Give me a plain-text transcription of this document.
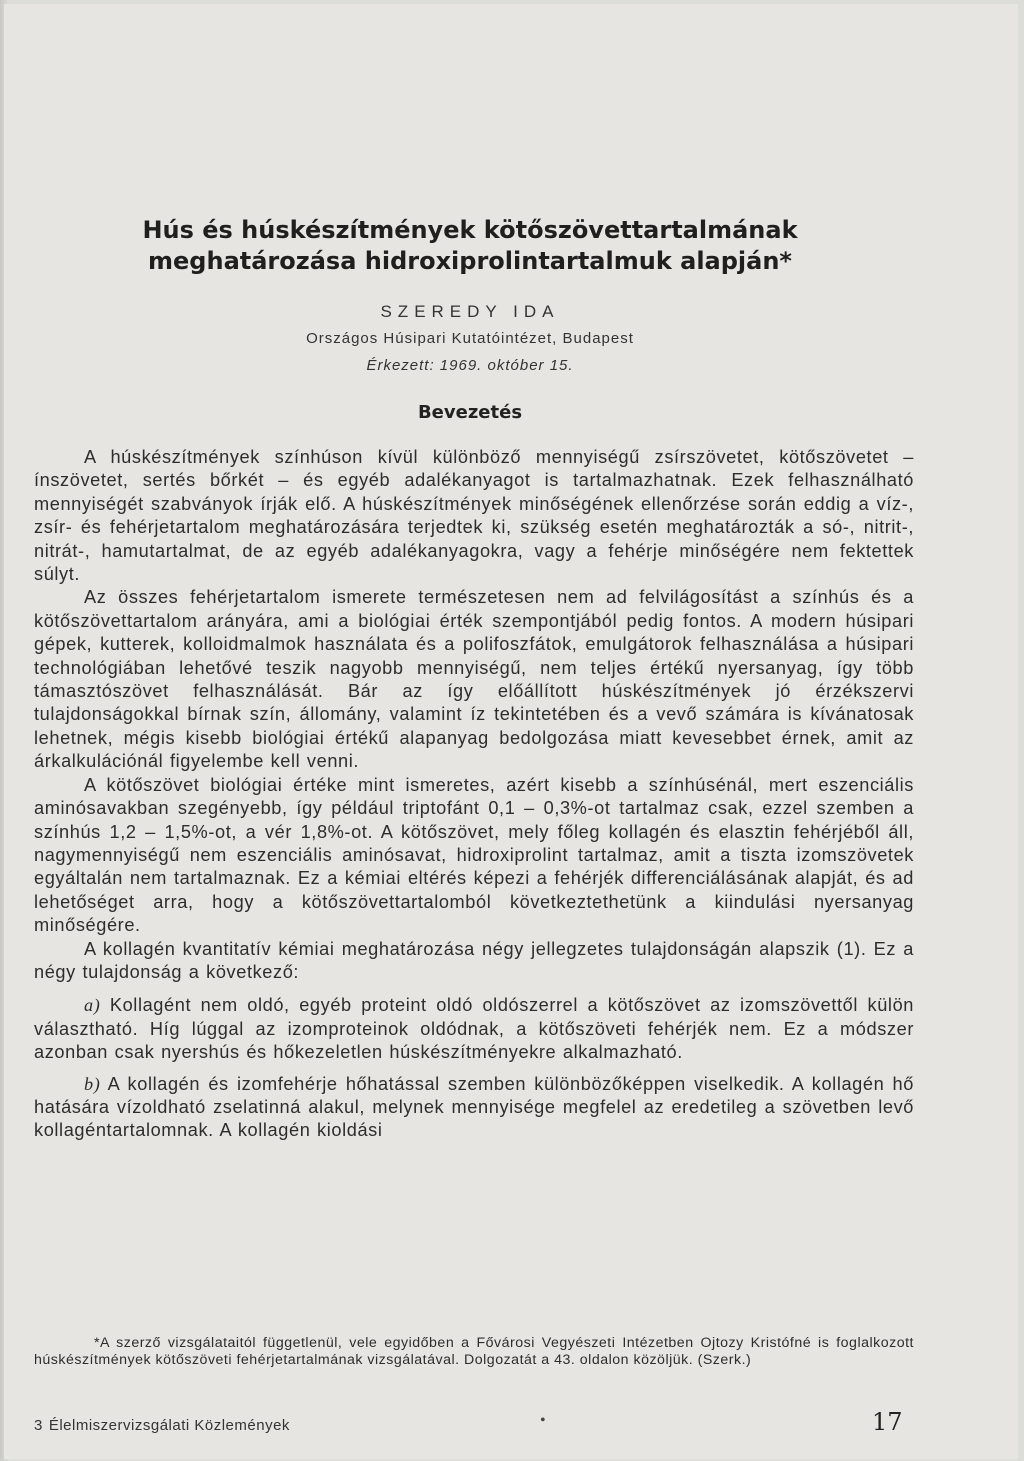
Hús és húskészítmények kötőszövettartalmának
meghatározása hidroxiprolintartalmuk alapján*
SZEREDY IDA
Országos Húsipari Kutatóintézet, Budapest
Érkezett: 1969. október 15.
Bevezetés

A húskészítmények színhúson kívül különböző mennyiségű zsírszövetet, kötőszövetet – ínszövetet, sertés bőrkét – és egyéb adalékanyagot is tartalmazhatnak. Ezek felhasználható mennyiségét szabványok írják elő. A húskészítmények minőségének ellenőrzése során eddig a víz-, zsír- és fehérjetartalom meghatározására terjedtek ki, szükség esetén meghatározták a só-, nitrit-, nitrát-, hamutartalmat, de az egyéb adalékanyagokra, vagy a fehérje minőségére nem fektettek súlyt.

Az összes fehérjetartalom ismerete természetesen nem ad felvilágosítást a színhús és a kötőszövettartalom arányára, ami a biológiai érték szempontjából pedig fontos. A modern húsipari gépek, kutterek, kolloidmalmok használata és a polifoszfátok, emulgátorok felhasználása a húsipari technológiában lehetővé teszik nagyobb mennyiségű, nem teljes értékű nyersanyag, így több támasztószövet felhasználását. Bár az így előállított húskészítmények jó érzékszervi tulajdonságokkal bírnak szín, állomány, valamint íz tekintetében és a vevő számára is kívánatosak lehetnek, mégis kisebb biológiai értékű alapanyag bedolgozása miatt kevesebbet érnek, amit az árkalkulációnál figyelembe kell venni.

A kötőszövet biológiai értéke mint ismeretes, azért kisebb a színhúsénál, mert eszenciális aminósavakban szegényebb, így például triptofánt 0,1 – 0,3%-ot tartalmaz csak, ezzel szemben a színhús 1,2 – 1,5%-ot, a vér 1,8%-ot. A kötőszövet, mely főleg kollagén és elasztin fehérjéből áll, nagymennyiségű nem eszenciális aminósavat, hidroxiprolint tartalmaz, amit a tiszta izomszövetek egyáltalán nem tartalmaznak. Ez a kémiai eltérés képezi a fehérjék differenciálásának alapját, és ad lehetőséget arra, hogy a kötőszövettartalomból következtethetünk a kiindulási nyersanyag minőségére.

A kollagén kvantitatív kémiai meghatározása négy jellegzetes tulajdonságán alapszik (1). Ez a négy tulajdonság a következő:

a) Kollagént nem oldó, egyéb proteint oldó oldószerrel a kötőszövet az izomszövettől külön választható. Híg lúggal az izomproteinok oldódnak, a kötőszöveti fehérjék nem. Ez a módszer azonban csak nyershús és hőkezeletlen húskészítményekre alkalmazható.

b) A kollagén és izomfehérje hőhatással szemben különbözőképpen viselkedik. A kollagén hő hatására vízoldható zselatinná alakul, melynek mennyisége megfelel az eredetileg a szövetben levő kollagéntartalomnak. A kollagén kioldási

*A szerző vizsgálataitól függetlenül, vele egyidőben a Fővárosi Vegyészeti Intézetben Ojtozy Kristófné is foglalkozott húskészítmények kötőszöveti fehérjetartalmának vizsgálatával. Dolgozatát a 43. oldalon közöljük. (Szerk.)
3 Élelmiszervizsgálati Közlemények	•	17
